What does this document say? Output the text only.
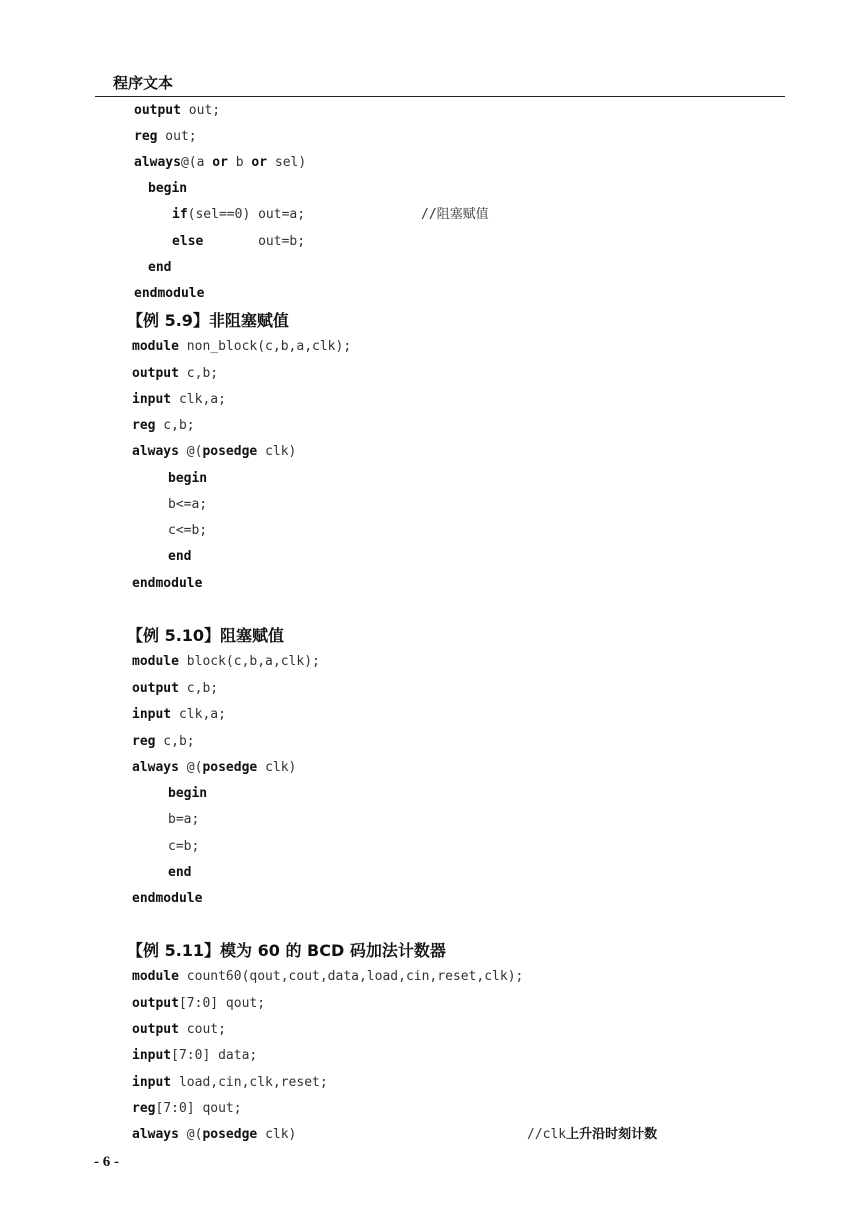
程序文本
output out;
reg out;
always@(a or b or sel)
begin
if(sel==0) out=a;	//阻塞赋值
else       out=b;
end
endmodule
【例 5.9】非阻塞赋值
module non_block(c,b,a,clk);
output c,b;
input clk,a;
reg c,b;
always @(posedge clk)
begin
b<=a;
c<=b;
end
endmodule
【例 5.10】阻塞赋值
module block(c,b,a,clk);
output c,b;
input clk,a;
reg c,b;
always @(posedge clk)
begin
b=a;
c=b;
end
endmodule
【例 5.11】模为 60 的 BCD 码加法计数器
module count60(qout,cout,data,load,cin,reset,clk);
output[7:0] qout;
output cout;
input[7:0] data;
input load,cin,clk,reset;
reg[7:0] qout;
always @(posedge clk)	//clk上升沿时刻计数
- 6 -
